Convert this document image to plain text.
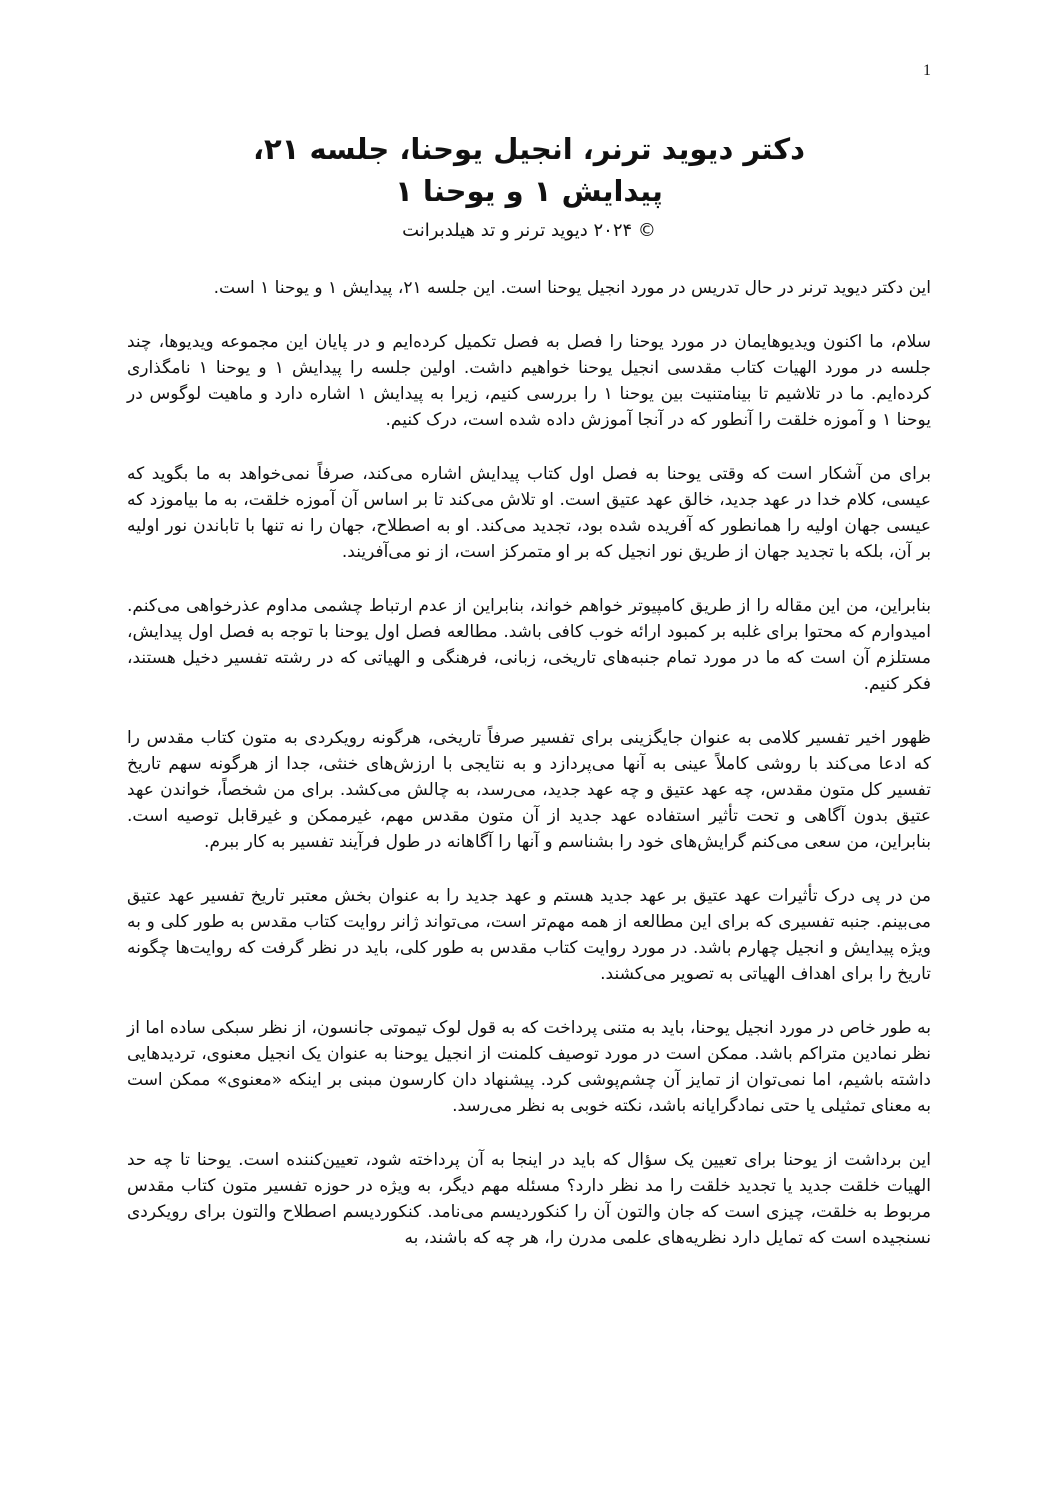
1
دکتر دیوید ترنر، انجیل یوحنا، جلسه ۲۱،
پیدایش ۱ و یوحنا ۱
© ۲۰۲۴ دیوید ترنر و تد هیلدبرانت

این دکتر دیوید ترنر در حال تدریس در مورد انجیل یوحنا است. این جلسه ۲۱، پیدایش ۱ و یوحنا ۱ است.

سلام، ما اکنون ویدیوهایمان در مورد یوحنا را فصل به فصل تکمیل کرده‌ایم و در پایان این مجموعه ویدیوها، چند جلسه در مورد الهیات کتاب مقدسی انجیل یوحنا خواهیم داشت. اولین جلسه را پیدایش ۱ و یوحنا ۱ نامگذاری کرده‌ایم. ما در تلاشیم تا بینامتنیت بین یوحنا ۱ را بررسی کنیم، زیرا به پیدایش ۱ اشاره دارد و ماهیت لوگوس در یوحنا ۱ و آموزه خلقت را آنطور که در آنجا آموزش داده شده است، درک کنیم.

برای من آشکار است که وقتی یوحنا به فصل اول کتاب پیدایش اشاره می‌کند، صرفاً نمی‌خواهد به ما بگوید که عیسی، کلام خدا در عهد جدید، خالق عهد عتیق است. او تلاش می‌کند تا بر اساس آن آموزه خلقت، به ما بیاموزد که عیسی جهان اولیه را همانطور که آفریده شده بود، تجدید می‌کند. او به اصطلاح، جهان را نه تنها با تاباندن نور اولیه بر آن، بلکه با تجدید جهان از طریق نور انجیل که بر او متمرکز است، از نو می‌آفریند.

بنابراین، من این مقاله را از طریق کامپیوتر خواهم خواند، بنابراین از عدم ارتباط چشمی مداوم عذرخواهی می‌کنم. امیدوارم که محتوا برای غلبه بر کمبود ارائه خوب کافی باشد. مطالعه فصل اول یوحنا با توجه به فصل اول پیدایش، مستلزم آن است که ما در مورد تمام جنبه‌های تاریخی، زبانی، فرهنگی و الهیاتی که در رشته تفسیر دخیل هستند، فکر کنیم.

ظهور اخیر تفسیر کلامی به عنوان جایگزینی برای تفسیر صرفاً تاریخی، هرگونه رویکردی به متون کتاب مقدس را که ادعا می‌کند با روشی کاملاً عینی به آنها می‌پردازد و به نتایجی با ارزش‌های خنثی، جدا از هرگونه سهم تاریخ تفسیر کل متون مقدس، چه عهد عتیق و چه عهد جدید، می‌رسد، به چالش می‌کشد. برای من شخصاً، خواندن عهد عتیق بدون آگاهی و تحت تأثیر استفاده عهد جدید از آن متون مقدس مهم، غیرممکن و غیرقابل توصیه است. بنابراین، من سعی می‌کنم گرایش‌های خود را بشناسم و آنها را آگاهانه در طول فرآیند تفسیر به کار ببرم.

من در پی درک تأثیرات عهد عتیق بر عهد جدید هستم و عهد جدید را به عنوان بخش معتبر تاریخ تفسیر عهد عتیق می‌بینم. جنبه تفسیری که برای این مطالعه از همه مهم‌تر است، می‌تواند ژانر روایت کتاب مقدس به طور کلی و به ویژه پیدایش و انجیل چهارم باشد. در مورد روایت کتاب مقدس به طور کلی، باید در نظر گرفت که روایت‌ها چگونه تاریخ را برای اهداف الهیاتی به تصویر می‌کشند.

به طور خاص در مورد انجیل یوحنا، باید به متنی پرداخت که به قول لوک تیموتی جانسون، از نظر سبکی ساده اما از نظر نمادین متراکم باشد. ممکن است در مورد توصیف کلمنت از انجیل یوحنا به عنوان یک انجیل معنوی، تردیدهایی داشته باشیم، اما نمی‌توان از تمایز آن چشم‌پوشی کرد. پیشنهاد دان کارسون مبنی بر اینکه «معنوی» ممکن است به معنای تمثیلی یا حتی نمادگرایانه باشد، نکته خوبی به نظر می‌رسد.

این برداشت از یوحنا برای تعیین یک سؤال که باید در اینجا به آن پرداخته شود، تعیین‌کننده است. یوحنا تا چه حد الهیات خلقت جدید یا تجدید خلقت را مد نظر دارد؟ مسئله مهم دیگر، به ویژه در حوزه تفسیر متون کتاب مقدس مربوط به خلقت، چیزی است که جان والتون آن را کنکوردیسم می‌نامد. کنکوردیسم اصطلاح والتون برای رویکردی نسنجیده است که تمایل دارد نظریه‌های علمی مدرن را، هر چه که باشند، به
